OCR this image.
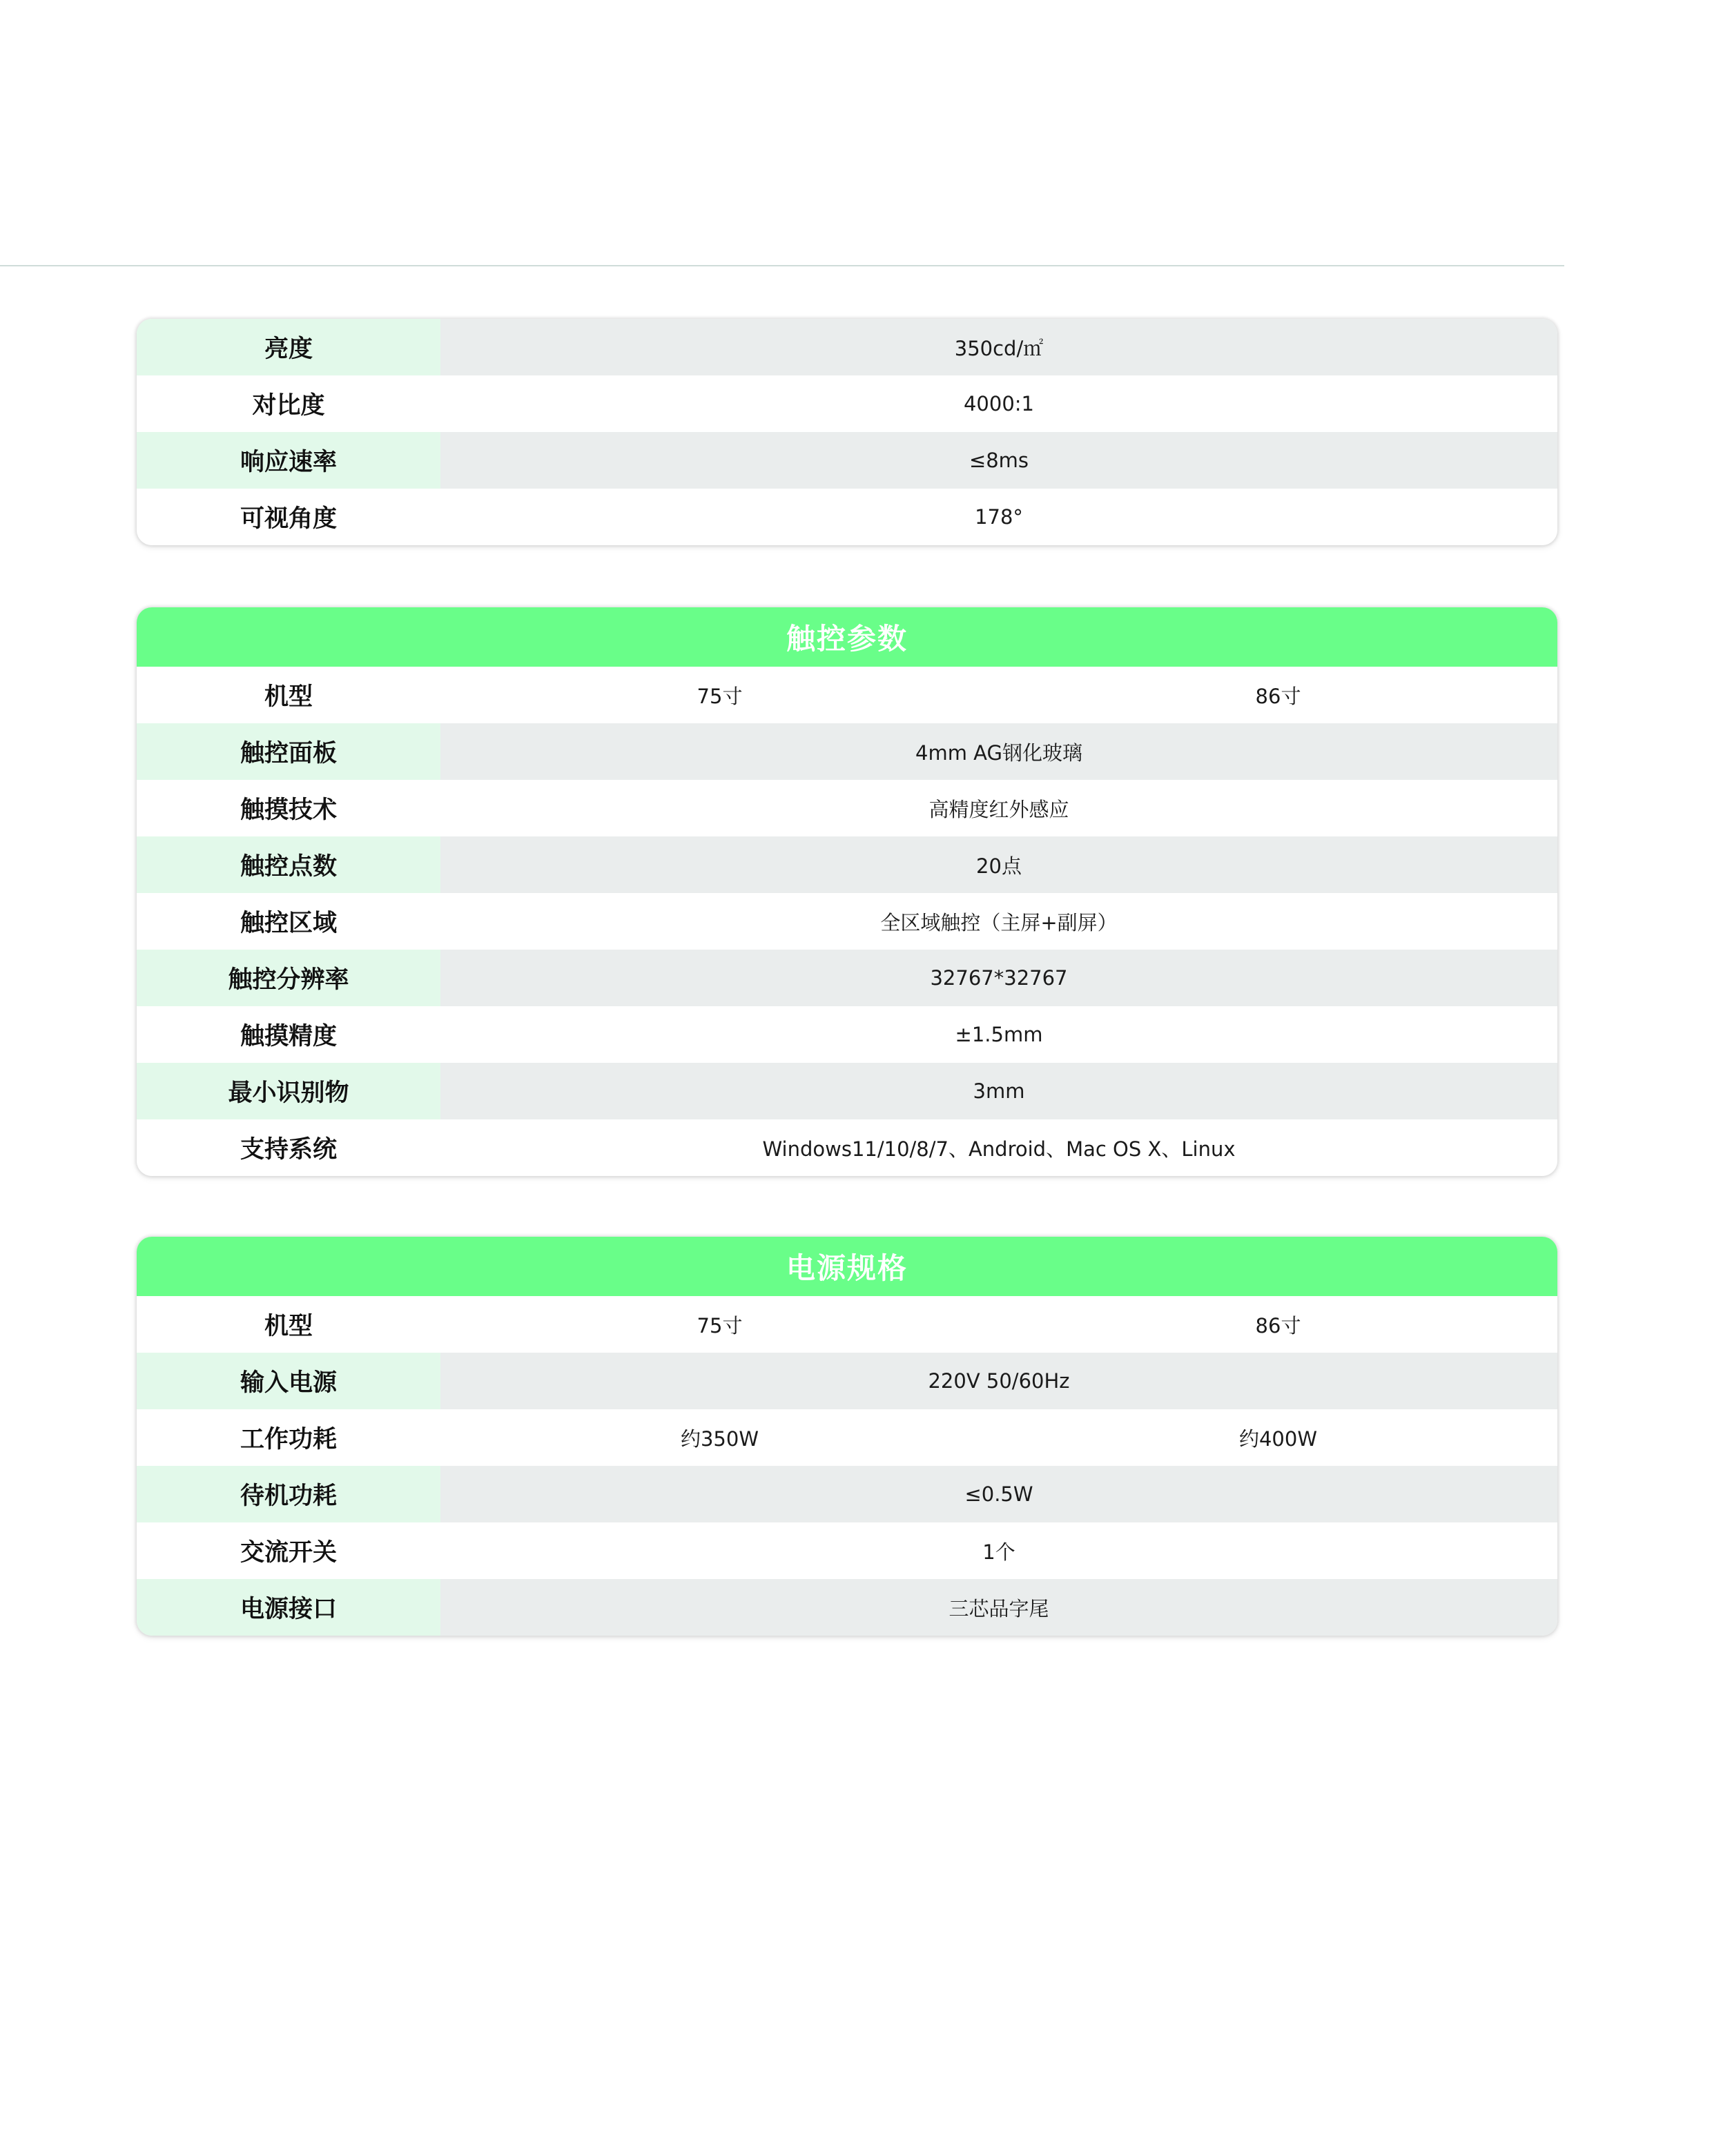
亮度	350cd/㎡
对比度	4000:1
响应速率	≤8ms
可视角度	178°
触控参数
机型	75寸	86寸
触控面板	4mm AG钢化玻璃
触摸技术	高精度红外感应
触控点数	20点
触控区域	全区域触控（主屏+副屏）
触控分辨率	32767*32767
触摸精度	±1.5mm
最小识别物	3mm
支持系统	Windows11/10/8/7、Android、Mac OS X、Linux
电源规格
机型	75寸	86寸
输入电源	220V 50/60Hz
工作功耗	约350W	约400W
待机功耗	≤0.5W
交流开关	1个
电源接口	三芯品字尾
